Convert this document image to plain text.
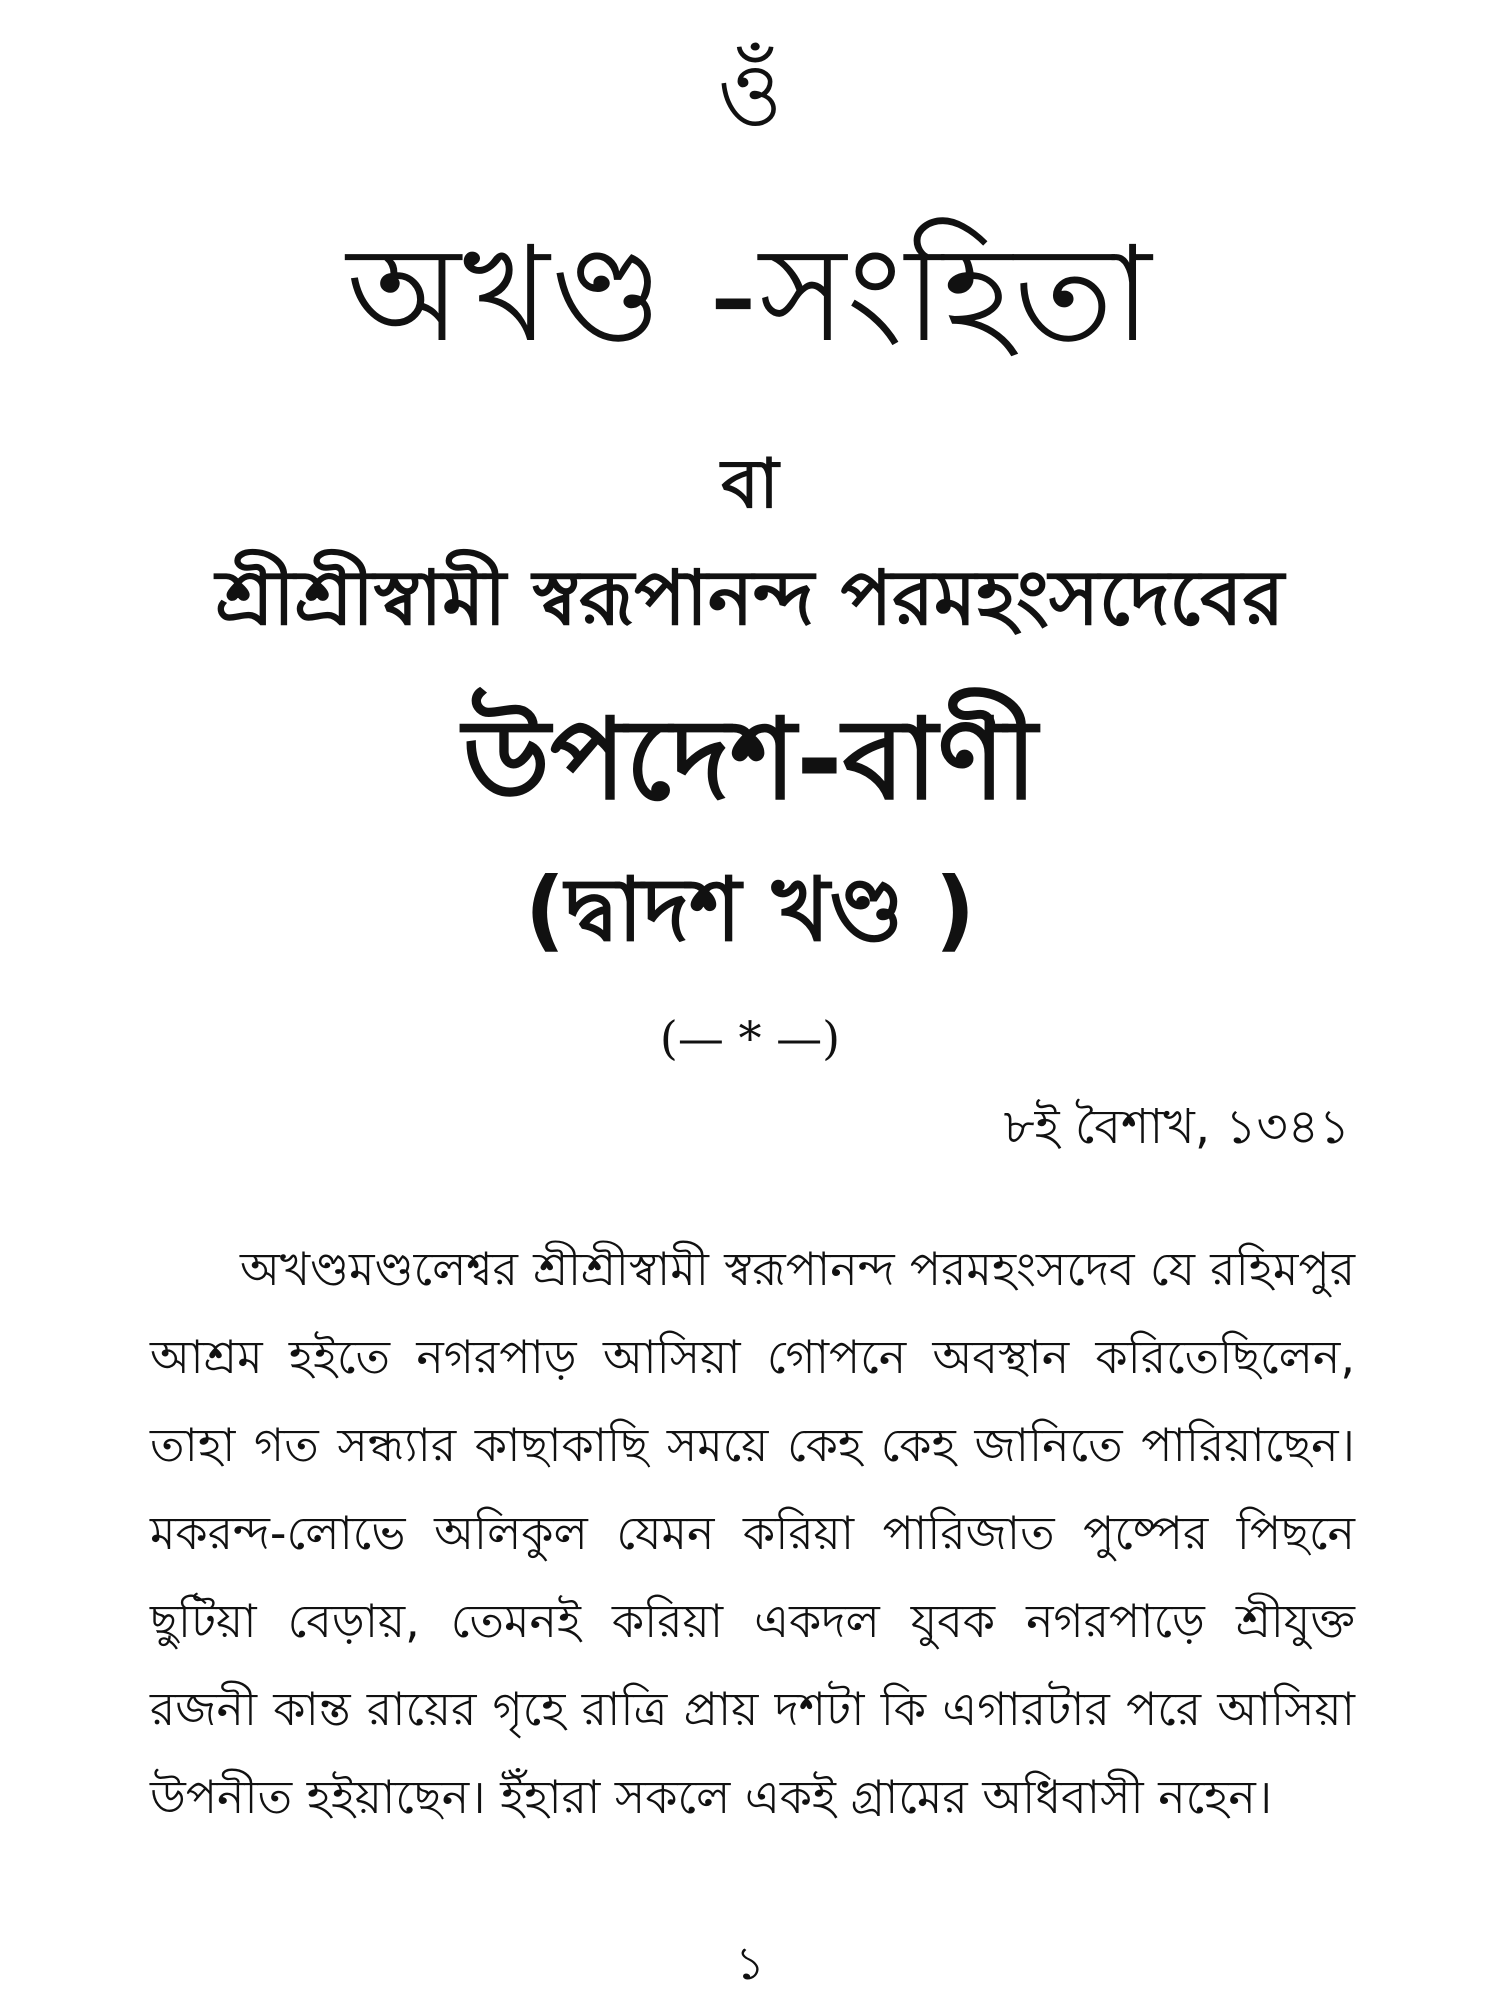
ওঁ
অখণ্ড -সংহিতা
বা
শ্রীশ্রীস্বামী স্বরূপানন্দ পরমহংসদেবের
উপদেশ-বাণী
(দ্বাদশ খণ্ড )
(— * —)
৮ই বৈশাখ, ১৩৪১

অখণ্ডমণ্ডলেশ্বর শ্রীশ্রীস্বামী স্বরূপানন্দ পরমহংসদেব যে রহিমপুর আশ্রম হইতে নগরপাড় আসিয়া গোপনে অবস্থান করিতেছিলেন, তাহা গত সন্ধ্যার কাছাকাছি সময়ে কেহ কেহ জানিতে পারিয়াছেন। মকরন্দ-লোভে অলিকুল যেমন করিয়া পারিজাত পুষ্পের পিছনে ছুটিয়া বেড়ায়, তেমনই করিয়া একদল যুবক নগরপাড়ে শ্রীযুক্ত রজনী কান্ত রায়ের গৃহে রাত্রি প্রায় দশটা কি এগারটার পরে আসিয়া উপনীত হইয়াছেন। ইঁহারা সকলে একই গ্রামের অধিবাসী নহেন।

১
